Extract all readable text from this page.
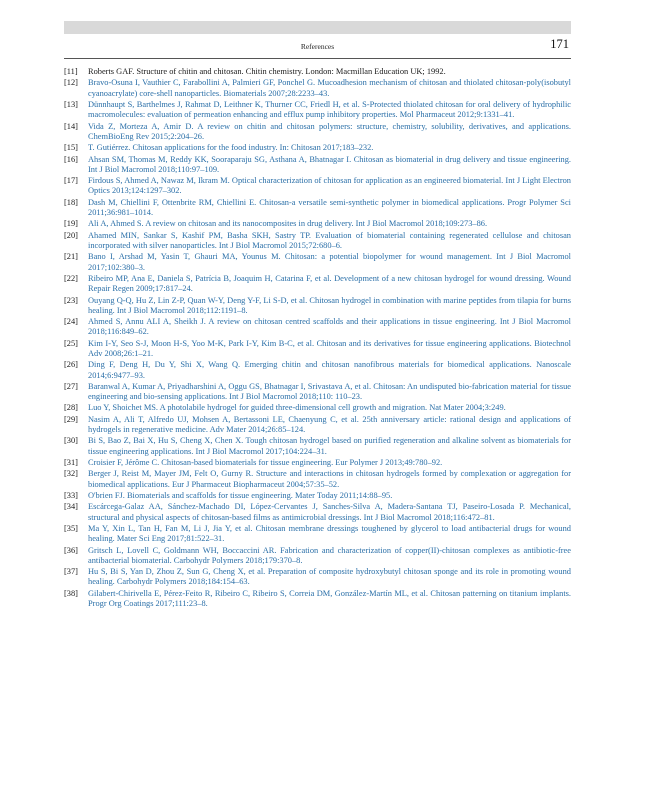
References	171
[11]	Roberts GAF. Structure of chitin and chitosan. Chitin chemistry. London: Macmillan Education UK; 1992.
[12]	Bravo-Osuna I, Vauthier C, Farabollini A, Palmieri GF, Ponchel G. Mucoadhesion mechanism of chitosan and thiolated chitosan-poly(isobutyl cyanoacrylate) core-shell nanoparticles. Biomaterials 2007;28:2233–43.
[13]	Dünnhaupt S, Barthelmes J, Rahmat D, Leithner K, Thurner CC, Friedl H, et al. S-Protected thiolated chitosan for oral delivery of hydrophilic macromolecules: evaluation of permeation enhancing and efflux pump inhibitory properties. Mol Pharmaceut 2012;9:1331–41.
[14]	Vida Z, Morteza A, Amir D. A review on chitin and chitosan polymers: structure, chemistry, solubility, derivatives, and applications. ChemBioEng Rev 2015;2:204–26.
[15]	T. Gutiérrez. Chitosan applications for the food industry. In: Chitosan 2017;183–232.
[16]	Ahsan SM, Thomas M, Reddy KK, Sooraparaju SG, Asthana A, Bhatnagar I. Chitosan as biomaterial in drug delivery and tissue engineering. Int J Biol Macromol 2018;110:97–109.
[17]	Firdous S, Ahmed A, Nawaz M, Ikram M. Optical characterization of chitosan for application as an engineered biomaterial. Int J Light Electron Optics 2013;124:1297–302.
[18]	Dash M, Chiellini F, Ottenbrite RM, Chiellini E. Chitosan-a versatile semi-synthetic polymer in biomedical applications. Progr Polymer Sci 2011;36:981–1014.
[19]	Ali A, Ahmed S. A review on chitosan and its nanocomposites in drug delivery. Int J Biol Macromol 2018;109:273–86.
[20]	Ahamed MIN, Sankar S, Kashif PM, Basha SKH, Sastry TP. Evaluation of biomaterial containing regenerated cellulose and chitosan incorporated with silver nanoparticles. Int J Biol Macromol 2015;72:680–6.
[21]	Bano I, Arshad M, Yasin T, Ghauri MA, Younus M. Chitosan: a potential biopolymer for wound management. Int J Biol Macromol 2017;102:380–3.
[22]	Ribeiro MP, Ana E, Daniela S, Patrícia B, Joaquim H, Catarina F, et al. Development of a new chitosan hydrogel for wound dressing. Wound Repair Regen 2009;17:817–24.
[23]	Ouyang Q-Q, Hu Z, Lin Z-P, Quan W-Y, Deng Y-F, Li S-D, et al. Chitosan hydrogel in combination with marine peptides from tilapia for burns healing. Int J Biol Macromol 2018;112:1191–8.
[24]	Ahmed S, Annu ALI A, Sheikh J. A review on chitosan centred scaffolds and their applications in tissue engineering. Int J Biol Macromol 2018;116:849–62.
[25]	Kim I-Y, Seo S-J, Moon H-S, Yoo M-K, Park I-Y, Kim B-C, et al. Chitosan and its derivatives for tissue engineering applications. Biotechnol Adv 2008;26:1–21.
[26]	Ding F, Deng H, Du Y, Shi X, Wang Q. Emerging chitin and chitosan nanofibrous materials for biomedical applications. Nanoscale 2014;6:9477–93.
[27]	Baranwal A, Kumar A, Priyadharshini A, Oggu GS, Bhatnagar I, Srivastava A, et al. Chitosan: An undisputed bio-fabrication material for tissue engineering and bio-sensing applications. Int J Biol Macromol 2018;110: 110–23.
[28]	Luo Y, Shoichet MS. A photolabile hydrogel for guided three-dimensional cell growth and migration. Nat Mater 2004;3:249.
[29]	Nasim A, Ali T, Alfredo UJ, Mohsen A, Bertassoni LE, Chaenyung C, et al. 25th anniversary article: rational design and applications of hydrogels in regenerative medicine. Adv Mater 2014;26:85–124.
[30]	Bi S, Bao Z, Bai X, Hu S, Cheng X, Chen X. Tough chitosan hydrogel based on purified regeneration and alkaline solvent as biomaterials for tissue engineering applications. Int J Biol Macromol 2017;104:224–31.
[31]	Croisier F, Jérôme C. Chitosan-based biomaterials for tissue engineering. Eur Polymer J 2013;49:780–92.
[32]	Berger J, Reist M, Mayer JM, Felt O, Gurny R. Structure and interactions in chitosan hydrogels formed by complexation or aggregation for biomedical applications. Eur J Pharmaceut Biopharmaceut 2004;57:35–52.
[33]	O'brien FJ. Biomaterials and scaffolds for tissue engineering. Mater Today 2011;14:88–95.
[34]	Escárcega-Galaz AA, Sánchez-Machado DI, López-Cervantes J, Sanches-Silva A, Madera-Santana TJ, Paseiro-Losada P. Mechanical, structural and physical aspects of chitosan-based films as antimicrobial dressings. Int J Biol Macromol 2018;116:472–81.
[35]	Ma Y, Xin L, Tan H, Fan M, Li J, Jia Y, et al. Chitosan membrane dressings toughened by glycerol to load antibacterial drugs for wound healing. Mater Sci Eng 2017;81:522–31.
[36]	Gritsch L, Lovell C, Goldmann WH, Boccaccini AR. Fabrication and characterization of copper(II)-chitosan complexes as antibiotic-free antibacterial biomaterial. Carbohydr Polymers 2018;179:370–8.
[37]	Hu S, Bi S, Yan D, Zhou Z, Sun G, Cheng X, et al. Preparation of composite hydroxybutyl chitosan sponge and its role in promoting wound healing. Carbohydr Polymers 2018;184:154–63.
[38]	Gilabert-Chirivella E, Pérez-Feito R, Ribeiro C, Ribeiro S, Correia DM, González-Martín ML, et al. Chitosan patterning on titanium implants. Progr Org Coatings 2017;111:23–8.
